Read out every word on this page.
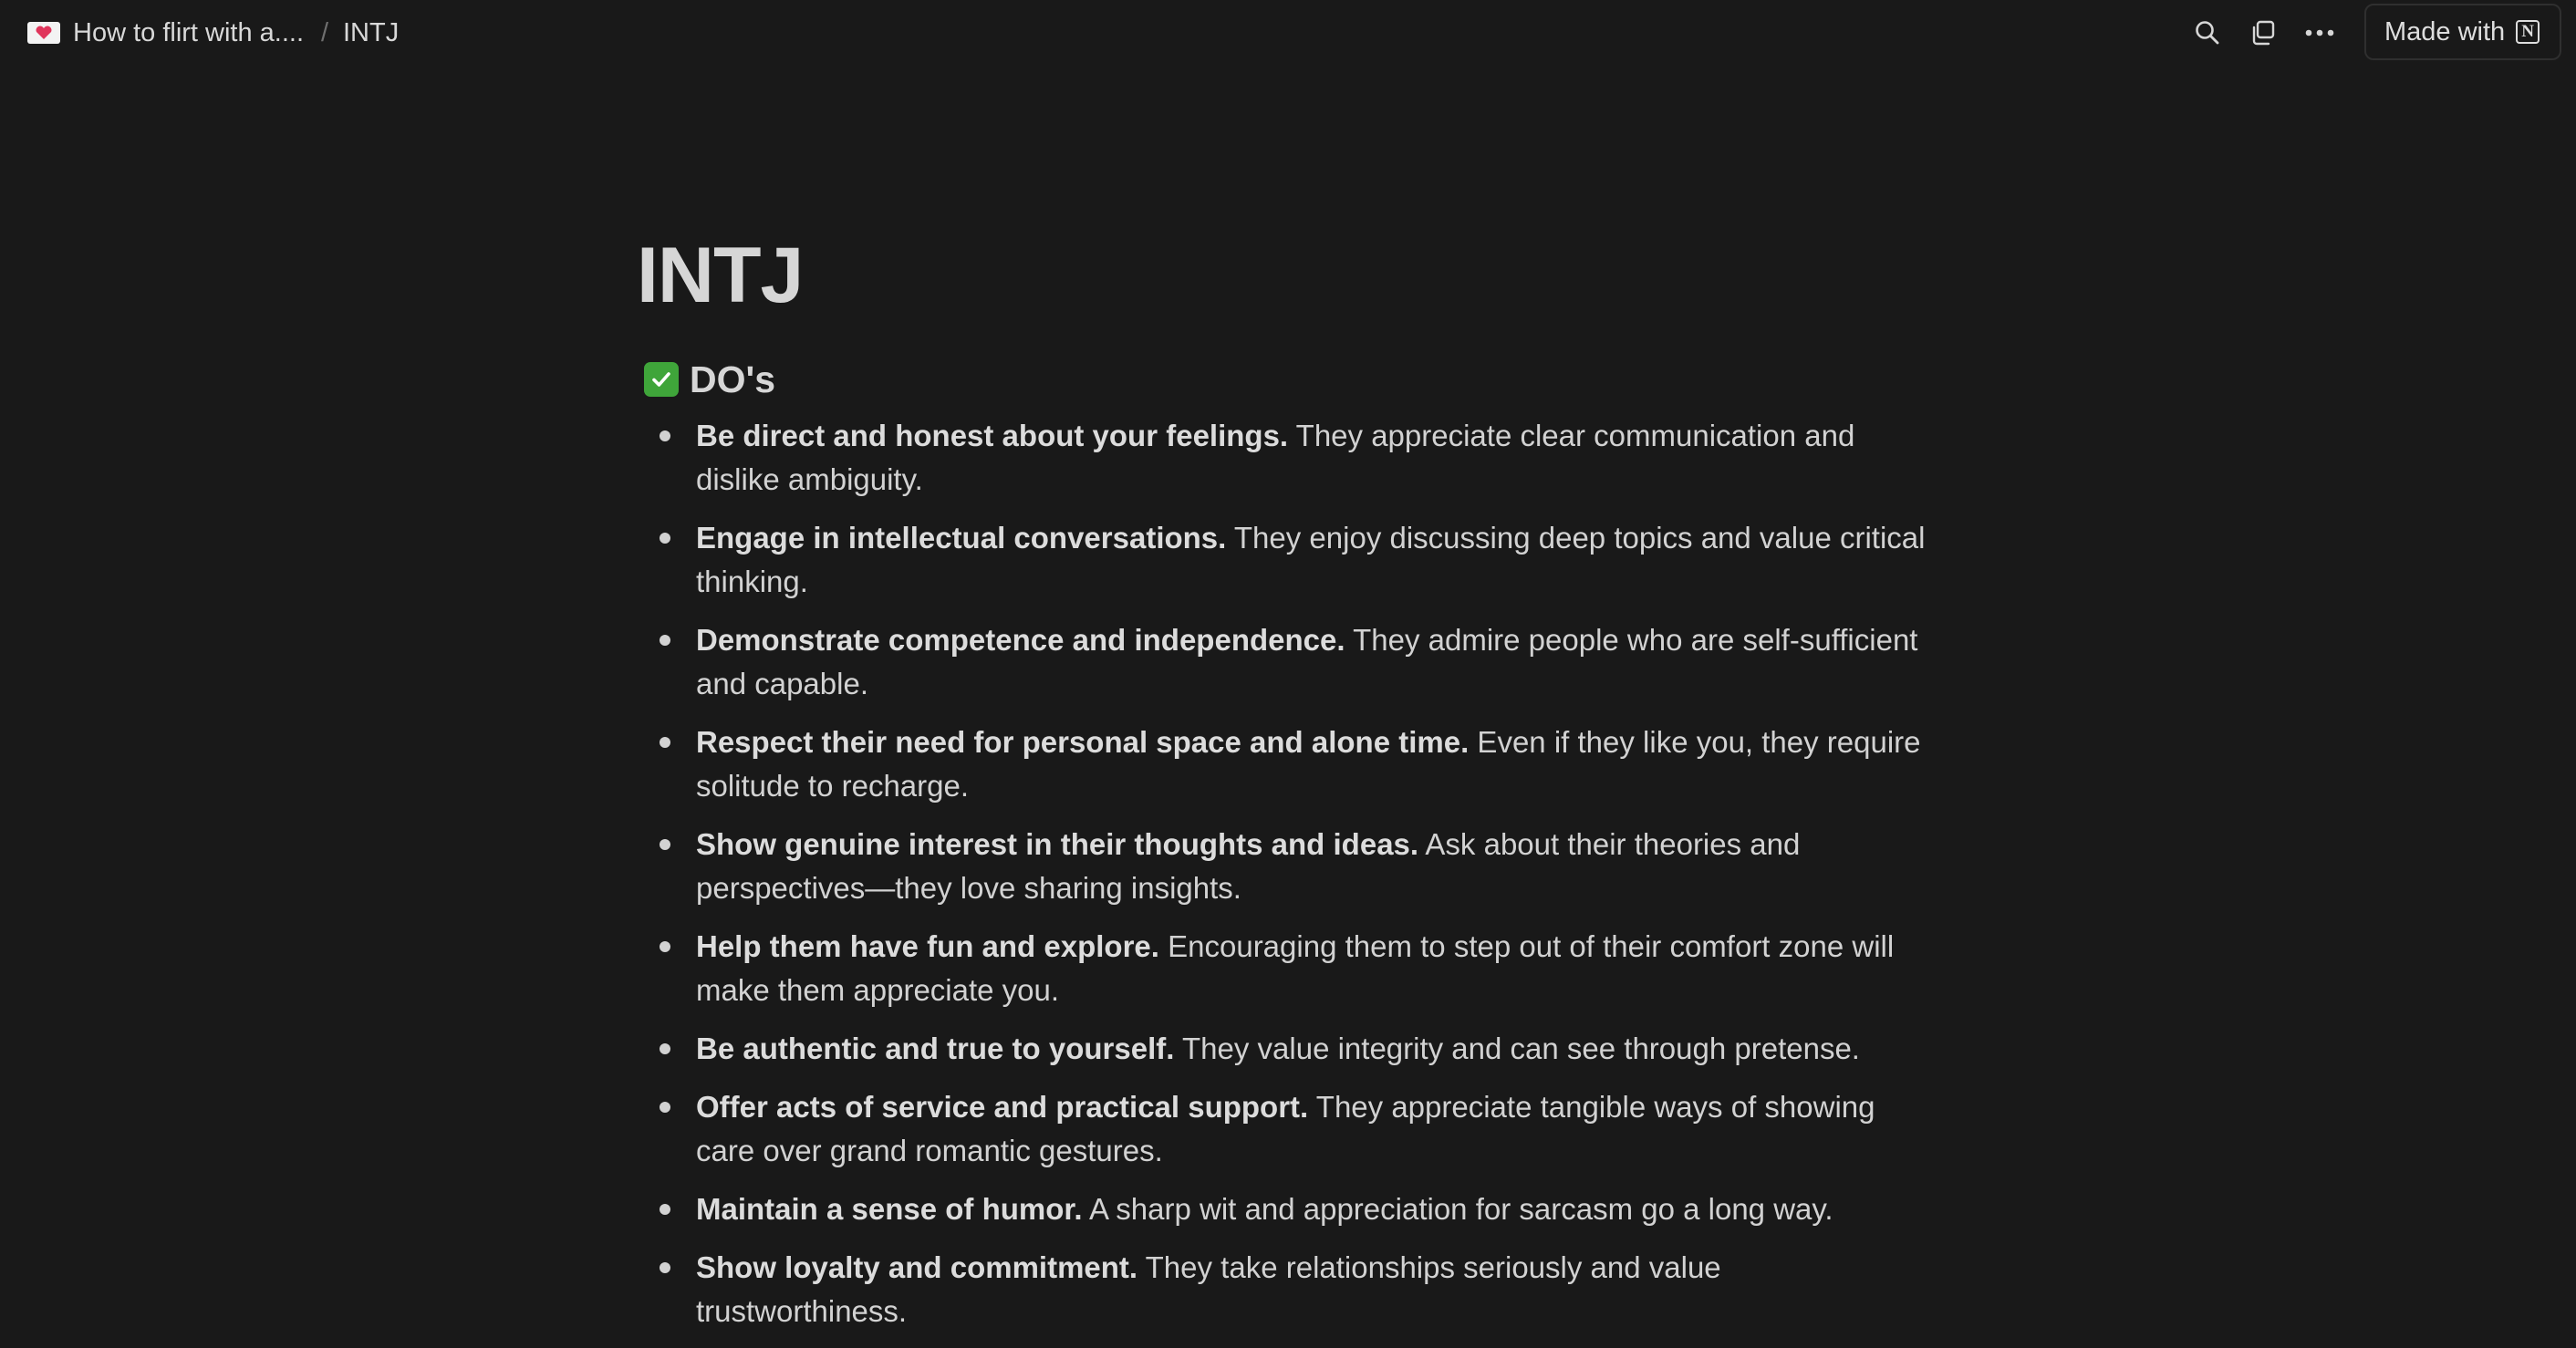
How to flirt with a.... / INTJ	Made with N
INTJ
DO's
Be direct and honest about your feelings. They appreciate clear communication and dislike ambiguity.
Engage in intellectual conversations. They enjoy discussing deep topics and value critical thinking.
Demonstrate competence and independence. They admire people who are self-sufficient and capable.
Respect their need for personal space and alone time. Even if they like you, they require solitude to recharge.
Show genuine interest in their thoughts and ideas. Ask about their theories and perspectives—they love sharing insights.
Help them have fun and explore. Encouraging them to step out of their comfort zone will make them appreciate you.
Be authentic and true to yourself. They value integrity and can see through pretense.
Offer acts of service and practical support. They appreciate tangible ways of showing care over grand romantic gestures.
Maintain a sense of humor. A sharp wit and appreciation for sarcasm go a long way.
Show loyalty and commitment. They take relationships seriously and value trustworthiness.
